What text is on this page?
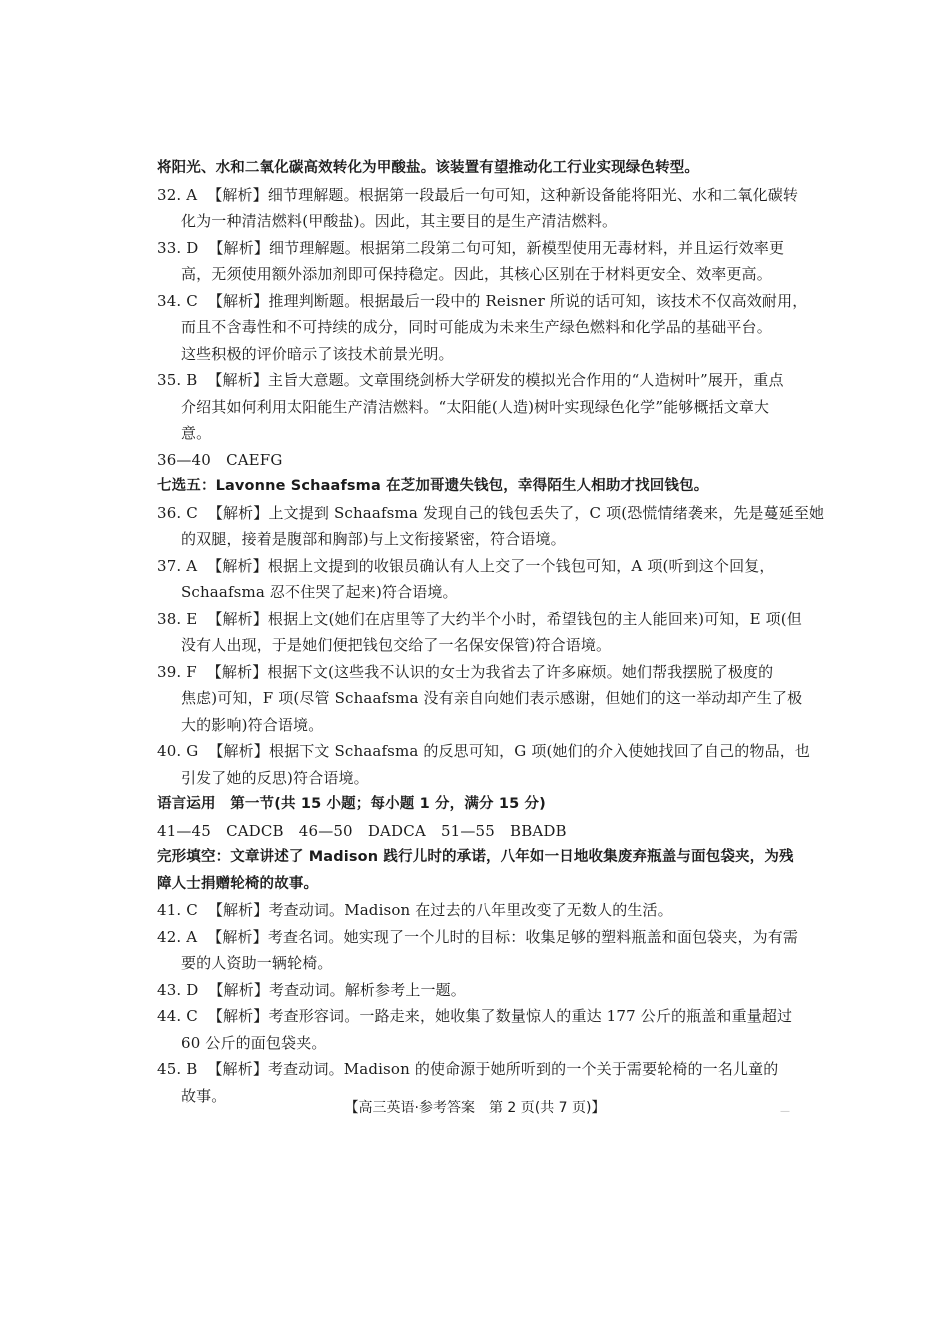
将阳光、水和二氧化碳高效转化为甲酸盐。该装置有望推动化工行业实现绿色转型。
32. A 【解析】细节理解题。根据第一段最后一句可知，这种新设备能将阳光、水和二氧化碳转
化为一种清洁燃料(甲酸盐)。因此，其主要目的是生产清洁燃料。
33. D 【解析】细节理解题。根据第二段第二句可知，新模型使用无毒材料，并且运行效率更
高，无须使用额外添加剂即可保持稳定。因此，其核心区别在于材料更安全、效率更高。
34. C 【解析】推理判断题。根据最后一段中的 Reisner 所说的话可知，该技术不仅高效耐用，
而且不含毒性和不可持续的成分，同时可能成为未来生产绿色燃料和化学品的基础平台。
这些积极的评价暗示了该技术前景光明。
35. B 【解析】主旨大意题。文章围绕剑桥大学研发的模拟光合作用的“人造树叶”展开，重点
介绍其如何利用太阳能生产清洁燃料。“太阳能(人造)树叶实现绿色化学”能够概括文章大
意。
36—40　CAEFG
七选五：Lavonne Schaafsma 在芝加哥遗失钱包，幸得陌生人相助才找回钱包。
36. C 【解析】上文提到 Schaafsma 发现自己的钱包丢失了，C 项(恐慌情绪袭来，先是蔓延至她
的双腿，接着是腹部和胸部)与上文衔接紧密，符合语境。
37. A 【解析】根据上文提到的收银员确认有人上交了一个钱包可知，A 项(听到这个回复，
Schaafsma 忍不住哭了起来)符合语境。
38. E 【解析】根据上文(她们在店里等了大约半个小时，希望钱包的主人能回来)可知，E 项(但
没有人出现，于是她们便把钱包交给了一名保安保管)符合语境。
39. F 【解析】根据下文(这些我不认识的女士为我省去了许多麻烦。她们帮我摆脱了极度的
焦虑)可知，F 项(尽管 Schaafsma 没有亲自向她们表示感谢，但她们的这一举动却产生了极
大的影响)符合语境。
40. G 【解析】根据下文 Schaafsma 的反思可知，G 项(她们的介入使她找回了自己的物品，也
引发了她的反思)符合语境。
语言运用　第一节(共 15 小题；每小题 1 分，满分 15 分)
41—45　CADCB　46—50　DADCA　51—55　BBADB
完形填空：文章讲述了 Madison 践行儿时的承诺，八年如一日地收集废弃瓶盖与面包袋夹，为残
障人士捐赠轮椅的故事。
41. C 【解析】考查动词。Madison 在过去的八年里改变了无数人的生活。
42. A 【解析】考查名词。她实现了一个儿时的目标：收集足够的塑料瓶盖和面包袋夹，为有需
要的人资助一辆轮椅。
43. D 【解析】考查动词。解析参考上一题。
44. C 【解析】考查形容词。一路走来，她收集了数量惊人的重达 177 公斤的瓶盖和重量超过
60 公斤的面包袋夹。
45. B 【解析】考查动词。Madison 的使命源于她所听到的一个关于需要轮椅的一名儿童的
故事。
【高三英语·参考答案　第 2 页(共 7 页)】	—
